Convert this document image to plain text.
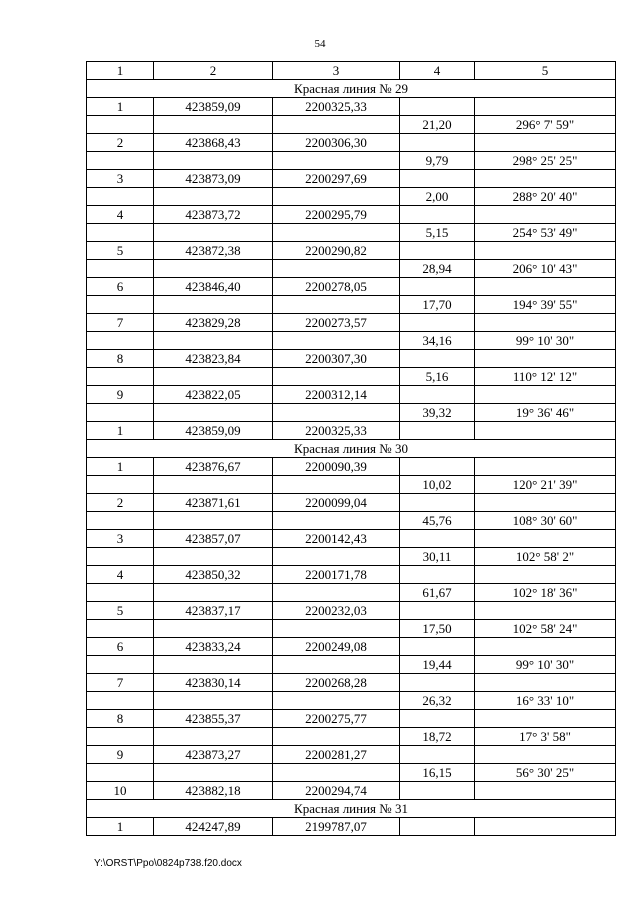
54
1	2	3	4	5
Красная линия № 29				
1	423859,09	2200325,33		
			21,20	296° 7' 59"
2	423868,43	2200306,30		
			9,79	298° 25' 25"
3	423873,09	2200297,69		
			2,00	288° 20' 40"
4	423873,72	2200295,79		
			5,15	254° 53' 49"
5	423872,38	2200290,82		
			28,94	206° 10' 43"
6	423846,40	2200278,05		
			17,70	194° 39' 55"
7	423829,28	2200273,57		
			34,16	99° 10' 30"
8	423823,84	2200307,30		
			5,16	110° 12' 12"
9	423822,05	2200312,14		
			39,32	19° 36' 46"
1	423859,09	2200325,33		
Красная линия № 30				
1	423876,67	2200090,39		
			10,02	120° 21' 39"
2	423871,61	2200099,04		
			45,76	108° 30' 60"
3	423857,07	2200142,43		
			30,11	102° 58' 2"
4	423850,32	2200171,78		
			61,67	102° 18' 36"
5	423837,17	2200232,03		
			17,50	102° 58' 24"
6	423833,24	2200249,08		
			19,44	99° 10' 30"
7	423830,14	2200268,28		
			26,32	16° 33' 10"
8	423855,37	2200275,77		
			18,72	17° 3' 58"
9	423873,27	2200281,27		
			16,15	56° 30' 25"
10	423882,18	2200294,74		
Красная линия № 31				
1	424247,89	2199787,07		
Y:\ORST\Ppo\0824p738.f20.docx
